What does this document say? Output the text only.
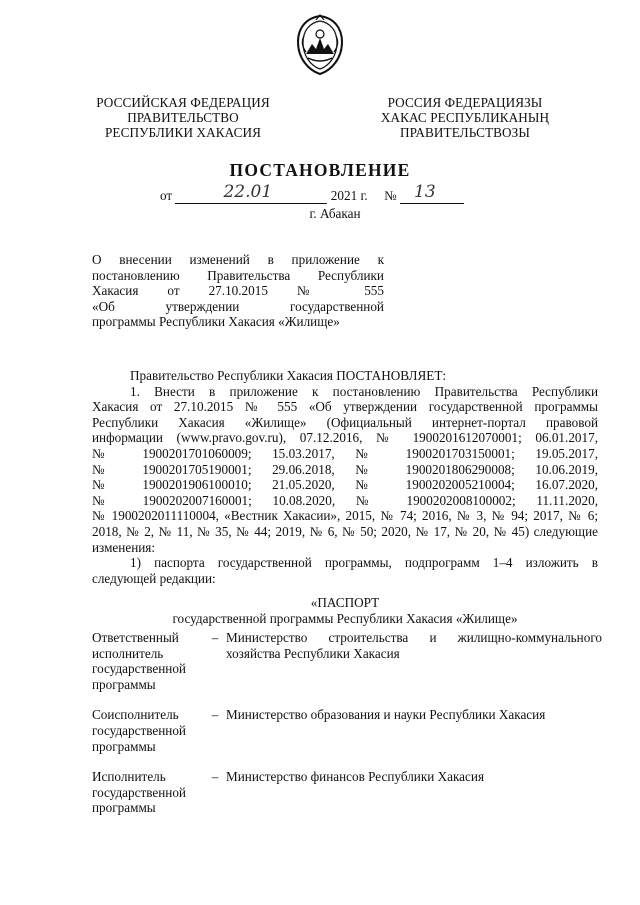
РОССИЙСКАЯ ФЕДЕРАЦИЯ
ПРАВИТЕЛЬСТВО
РЕСПУБЛИКИ ХАКАСИЯ
РОССИЯ ФЕДЕРАЦИЯЗЫ
ХАКАС РЕСПУБЛИКАНЫҢ
ПРАВИТЕЛЬСТВОЗЫ
ПОСТАНОВЛЕНИЕ
от	22.01	2021 г. № 13
г. Абакан

О внесении изменений в приложение к

постановлению Правительства Республики

Хакасия от 27.10.2015 № 555

«Об утверждении государственной

программы Республики Хакасия «Жилище»

Правительство Республики Хакасия ПОСТАНОВЛЯЕТ:

1. Внести в приложение к постановлению Правительства Республики

Хакасия от 27.10.2015 № 555 «Об утверждении государственной программы

Республики Хакасия «Жилище» (Официальный интернет-портал правовой

информации (www.pravo.gov.ru), 07.12.2016, № 1900201612070001; 06.01.2017,

№ 1900201701060009; 15.03.2017, № 1900201703150001; 19.05.2017,

№ 1900201705190001; 29.06.2018, № 1900201806290008; 10.06.2019,

№ 1900201906100010; 21.05.2020, № 1900202005210004; 16.07.2020,

№ 1900202007160001; 10.08.2020, № 1900202008100002; 11.11.2020,

№ 1900202011110004, «Вестник Хакасии», 2015, № 74; 2016, № 3, № 94; 2017, № 6;

2018, № 2, № 11, № 35, № 44; 2019, № 6, № 50; 2020, № 17, № 20, № 45) следующие

изменения:

1) паспорта государственной программы, подпрограмм 1–4 изложить в

следующей редакции:

«ПАСПОРТ

государственной программы Республики Хакасия «Жилище»

Ответственный исполнитель государственной программы
– Министерство строительства и жилищно-коммунального хозяйства Республики Хакасия
Соисполнитель государственной программы
– Министерство образования и науки Республики Хакасия
Исполнитель государственной программы
– Министерство финансов Республики Хакасия
